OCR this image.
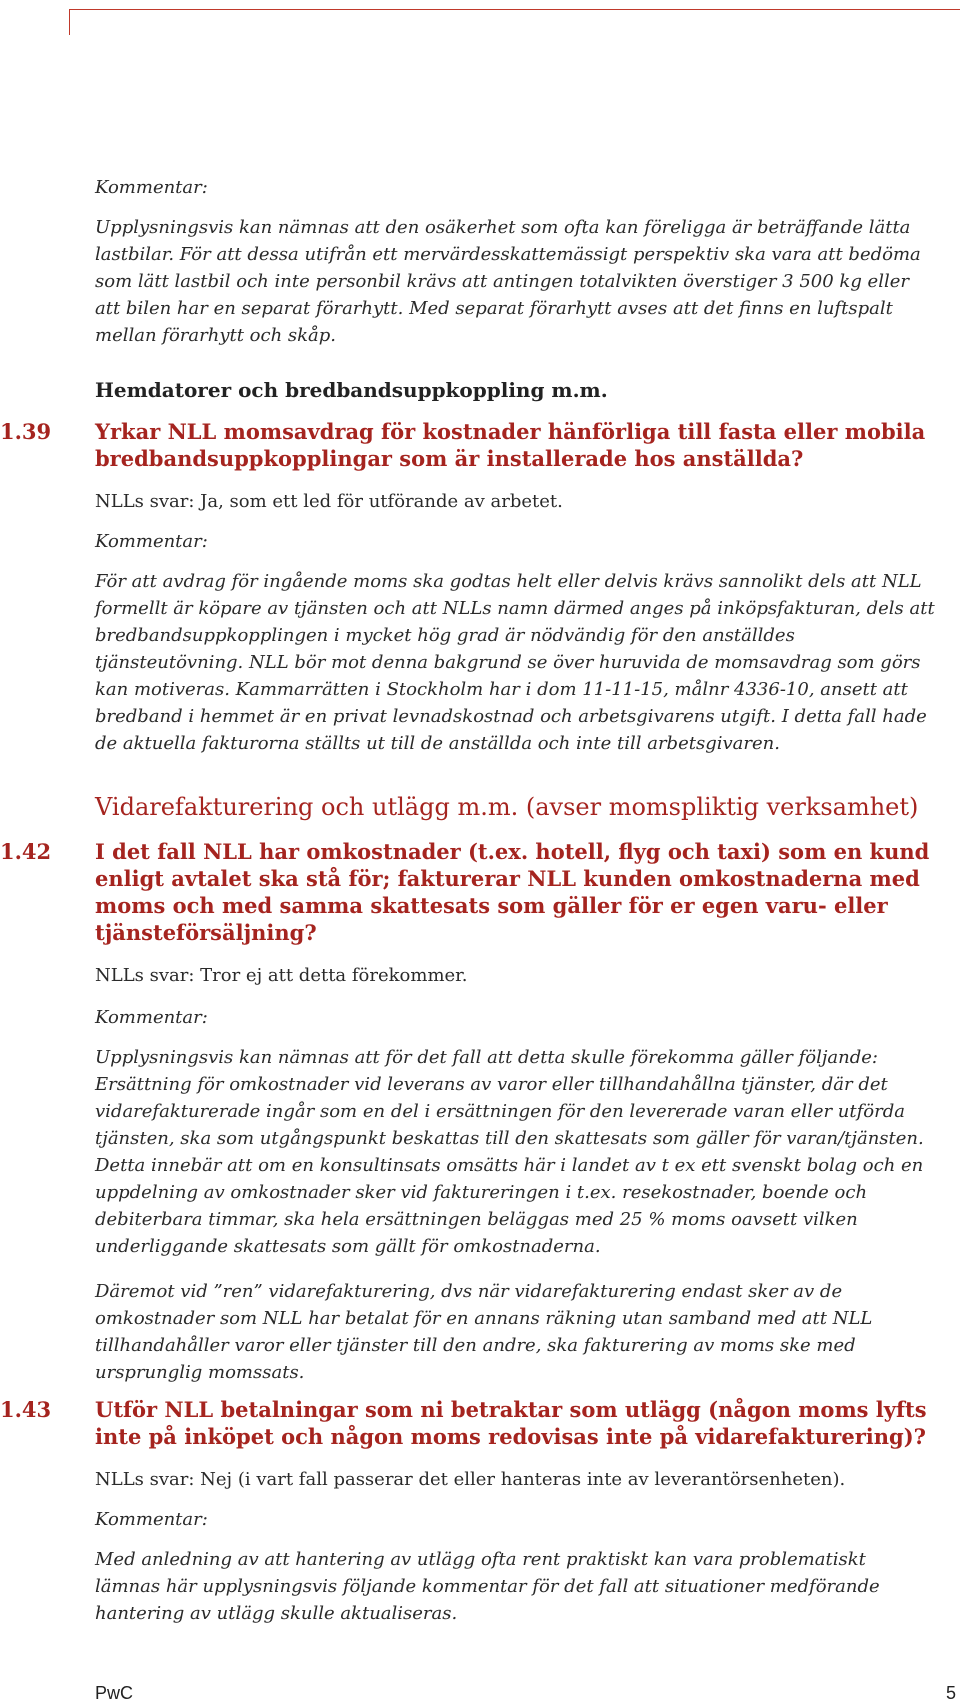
Kommentar:
Upplysningsvis kan nämnas att den osäkerhet som ofta kan föreligga är beträffande lätta lastbilar. För att dessa utifrån ett mervärdesskattemässigt perspektiv ska vara att bedöma som lätt lastbil och inte personbil krävs att antingen totalvikten överstiger 3 500 kg eller att bilen har en separat förarhytt. Med separat förarhytt avses att det finns en luftspalt mellan förarhytt och skåp.
Hemdatorer och bredbandsuppkoppling m.m.
1.39 Yrkar NLL momsavdrag för kostnader hänförliga till fasta eller mobila bredbandsuppkopplingar som är installerade hos anställda?
NLLs svar: Ja, som ett led för utförande av arbetet.
Kommentar:
För att avdrag för ingående moms ska godtas helt eller delvis krävs sannolikt dels att NLL formellt är köpare av tjänsten och att NLLs namn därmed anges på inköpsfakturan, dels att bredbandsuppkopplingen i mycket hög grad är nödvändig för den anställdes tjänsteutövning. NLL bör mot denna bakgrund se över huruvida de momsavdrag som görs kan motiveras. Kammarrätten i Stockholm har i dom 11-11-15, målnr 4336-10, ansett att bredband i hemmet är en privat levnadskostnad och arbetsgivarens utgift. I detta fall hade de aktuella fakturorna ställts ut till de anställda och inte till arbetsgivaren.
Vidarefakturering och utlägg m.m. (avser momspliktig verksamhet)
1.42 I det fall NLL har omkostnader (t.ex. hotell, flyg och taxi) som en kund enligt avtalet ska stå för; fakturerar NLL kunden omkostnaderna med moms och med samma skattesats som gäller för er egen varu- eller tjänsteförsäljning?
NLLs svar: Tror ej att detta förekommer.
Kommentar:
Upplysningsvis kan nämnas att för det fall att detta skulle förekomma gäller följande: Ersättning för omkostnader vid leverans av varor eller tillhandahållna tjänster, där det vidarefakturerade ingår som en del i ersättningen för den levererade varan eller utförda tjänsten, ska som utgångspunkt beskattas till den skattesats som gäller för varan/tjänsten. Detta innebär att om en konsultinsats omsätts här i landet av t ex ett svenskt bolag och en uppdelning av omkostnader sker vid faktureringen i t.ex. resekostnader, boende och debiterbara timmar, ska hela ersättningen beläggas med 25 % moms oavsett vilken underliggande skattesats som gällt för omkostnaderna.
Däremot vid ”ren” vidarefakturering, dvs när vidarefakturering endast sker av de omkostnader som NLL har betalat för en annans räkning utan samband med att NLL tillhandahåller varor eller tjänster till den andre, ska fakturering av moms ske med ursprunglig momssats.
1.43 Utför NLL betalningar som ni betraktar som utlägg (någon moms lyfts inte på inköpet och någon moms redovisas inte på vidarefakturering)?
NLLs svar: Nej (i vart fall passerar det eller hanteras inte av leverantörsenheten).
Kommentar:
Med anledning av att hantering av utlägg ofta rent praktiskt kan vara problematiskt lämnas här upplysningsvis följande kommentar för det fall att situationer medförande hantering av utlägg skulle aktualiseras.
PwC	5
